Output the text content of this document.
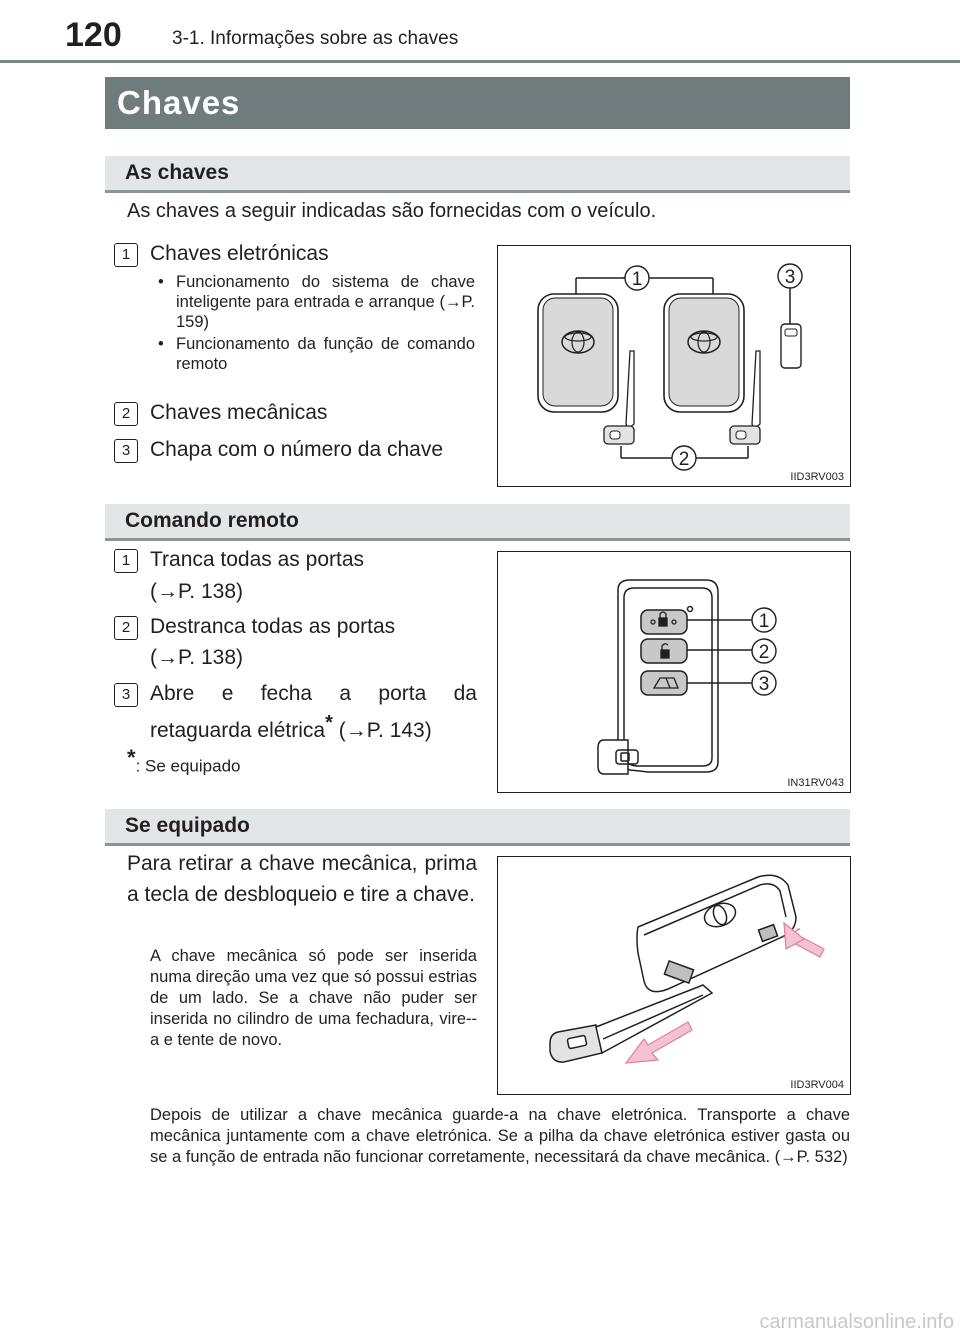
120	3-1. Informações sobre as chaves
Chaves
As chaves
As chaves a seguir indicadas são fornecidas com o veículo.
1 Chaves eletrónicas
• Funcionamento do sistema de chave inteligente para entrada e arranque (→P. 159)
• Funcionamento da função de comando remoto
2 Chaves mecânicas
3 Chapa com o número da chave
1	3
2
IID3RV003
Comando remoto
1 Tranca todas as portas
(→P. 138)
2 Destranca todas as portas
(→P. 138)
3 Abre e fecha a porta da
retaguarda elétrica* (→P. 143)
*: Se equipado
1
2
3
IN31RV043
Se equipado
Para retirar a chave mecânica, prima a tecla de desbloqueio e tire a chave.
A chave mecânica só pode ser inserida numa direção uma vez que só possui estrias de um lado. Se a chave não puder ser inserida no cilindro de uma fechadura, vire--a e tente de novo.
IID3RV004
Depois de utilizar a chave mecânica guarde-a na chave eletrónica. Transporte a chave mecânica juntamente com a chave eletrónica. Se a pilha da chave eletrónica estiver gasta ou se a função de entrada não funcionar corretamente, necessitará da chave mecânica. (→P. 532)
carmanualsonline.info
